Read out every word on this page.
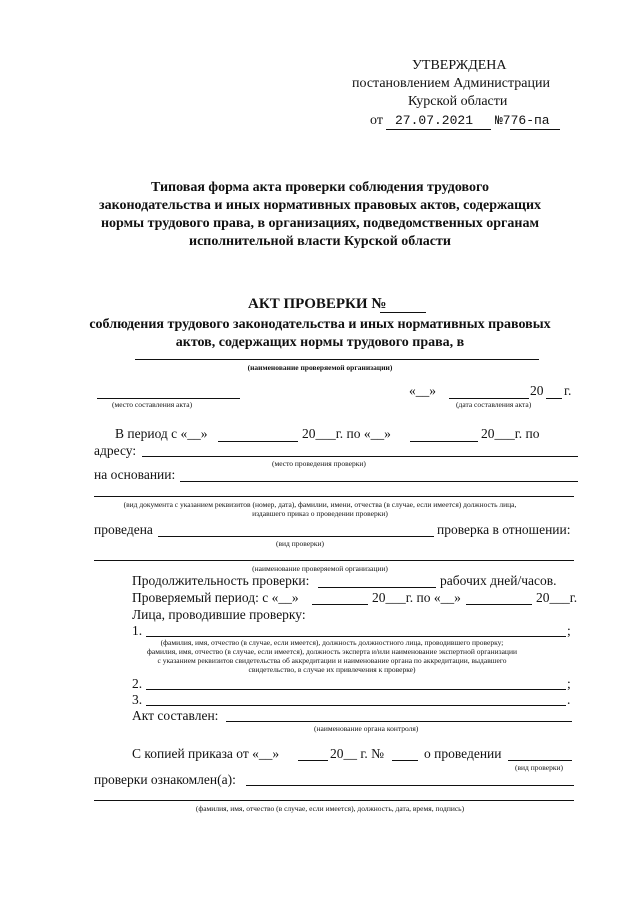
УТВЕРЖДЕНА
постановлением Администрации
Курской области
от 27.07.2021 №776-па
Типовая форма акта проверки соблюдения трудового
законодательства и иных нормативных правовых актов, содержащих
нормы трудового права, в организациях, подведомственных органам
исполнительной власти Курской области
АКТ ПРОВЕРКИ №
соблюдения трудового законодательства и иных нормативных правовых
актов, содержащих нормы трудового права, в
(наименование проверяемой организации)
«__»	20 г.
(место составления акта)	(дата составления акта)
В период с «__»	20___г. по «__»	20___г. по
адресу:
(место проведения проверки)
на основании:
(вид документа с указанием реквизитов (номер, дата), фамилии, имени, отчества (в случае, если имеется) должность лица,
издавшего приказ о проведении проверки)
проведена	проверка в отношении:
(вид проверки)
(наименование проверяемой организации)
Продолжительность проверки:	рабочих дней/часов.
Проверяемый период: с «__»	20___г. по «__»	20___г.
Лица, проводившие проверку:
1.	;
(фамилия, имя, отчество (в случае, если имеется), должность должностного лица, проводившего проверку;
фамилия, имя, отчество (в случае, если имеется), должность эксперта и/или наименование экспертной организации
с указанием реквизитов свидетельства об аккредитации и наименование органа по аккредитации, выдавшего
свидетельство, в случае их привлечения к проверке)
2.	;
3.	.
Акт составлен:
(наименование органа контроля)
С копией приказа от «__»	20__ г. №	о проведении
(вид проверки)
проверки ознакомлен(а):
(фамилия, имя, отчество (в случае, если имеется), должность, дата, время, подпись)
